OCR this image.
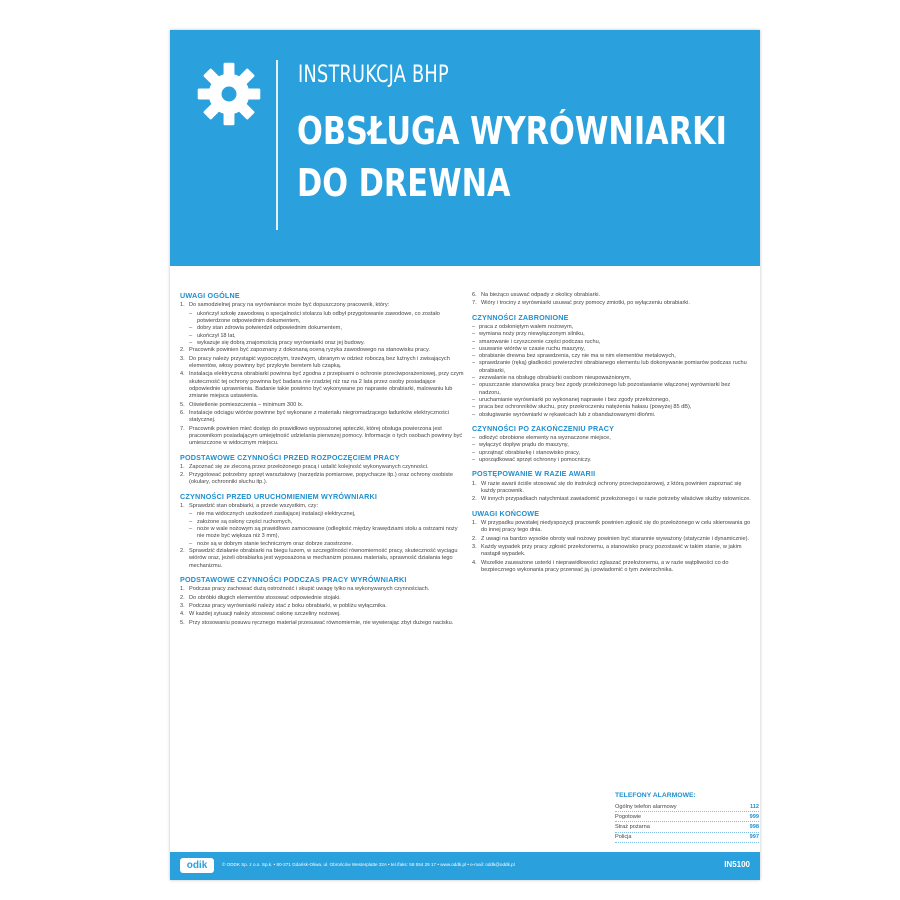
INSTRUKCJA BHP
OBSŁUGA WYRÓWNIARKI
DO DREWNA
UWAGI OGÓLNE
1. Do samodzielnej pracy na wyrówniarce może być dopuszczony pracownik, który:
– ukończył szkołę zawodową o specjalności stolarza lub odbył przygotowanie zawodowe, co zostało potwierdzone odpowiednim dokumentem,
– dobry stan zdrowia potwierdził odpowiednim dokumentem,
– ukończył 18 lat,
– wykazuje się dobrą znajomością pracy wyrówniarki oraz jej budowy.
2. Pracownik powinien być zapoznany z dokonaną oceną ryzyka zawodowego na stanowisku pracy.
3. Do pracy należy przystąpić wypoczętym, trzeźwym, ubranym w odzież roboczą bez luźnych i zwisających elementów, włosy powinny być przykryte beretem lub czapką.
4. Instalacja elektryczna obrabiarki powinna być zgodna z przepisami o ochronie przeciwporażeniowej, przy czym skuteczność tej ochrony powinna być badana nie rzadziej niż raz na 2 lata przez osoby posiadające odpowiednie uprawnienia. Badanie takie powinno być wykonywane po naprawie obrabiarki, malowaniu lub zmianie miejsca ustawienia.
5. Oświetlenie pomieszczenia – minimum 300 lx.
6. Instalacje odciągu wiórów powinne być wykonane z materiału niegromadzącego ładunków elektryczności statycznej.
7. Pracownik powinien mieć dostęp do prawidłowo wyposażonej apteczki, której obsługa powierzona jest pracownikom posiadającym umiejętność udzielania pierwszej pomocy. Informacje o tych osobach powinny być umieszczone w widocznym miejscu.
PODSTAWOWE CZYNNOŚCI PRZED ROZPOCZĘCIEM PRACY
1. Zapoznać się ze zleconą przez przełożonego pracą i ustalić kolejność wykonywanych czynności.
2. Przygotować potrzebny sprzęt warsztatowy (narzędzia pomiarowe, popychacze itp.) oraz ochrony osobiste (okulary, ochronniki słuchu itp.).
CZYNNOŚCI PRZED URUCHOMIENIEM WYRÓWNIARKI
1. Sprawdzić stan obrabiarki, a przede wszystkim, czy:
– nie ma widocznych uszkodzeń zasilającej instalacji elektrycznej,
– założone są osłony części ruchomych,
– noże w wale nożowym są prawidłowo zamocowane (odległość między krawędziami stołu a ostrzami noży nie może być większa niż 3 mm),
– noże są w dobrym stanie technicznym oraz dobrze zaostrzone.
2. Sprawdzić działanie obrabiarki na biegu luzem, w szczególności równomierność pracy, skuteczność wyciągu wiórów oraz, jeżeli obrabiarka jest wyposażona w mechanizm posuwu materiału, sprawność działania tego mechanizmu.
PODSTAWOWE CZYNNOŚCI PODCZAS PRACY WYRÓWNIARKI
1. Podczas pracy zachować dużą ostrożność i skupić uwagę tylko na wykonywanych czynnościach.
2. Do obróbki długich elementów stosować odpowiednie stojaki.
3. Podczas pracy wyrówniarki należy stać z boku obrabiarki, w pobliżu wyłącznika.
4. W każdej sytuacji należy stosować osłonę szczeliny nożowej.
5. Przy stosowaniu posuwu ręcznego materiał przesuwać równomiernie, nie wywierając zbyt dużego nacisku.
6. Na bieżąco usuwać odpady z okolicy obrabiarki.
7. Wióry i trociny z wyrówniarki usuwać przy pomocy zmiotki, po wyłączeniu obrabiarki.
CZYNNOŚCI ZABRONIONE
– praca z odsłoniętym wałem nożowym,
– wymiana noży przy niewyłączonym silniku,
– smarowanie i czyszczenie części podczas ruchu,
– usuwanie wiórów w czasie ruchu maszyny,
– obrabianie drewna bez sprawdzenia, czy nie ma w nim elementów metalowych,
– sprawdzanie (ręką) gładkości powierzchni obrabianego elementu lub dokonywanie pomiarów podczas ruchu obrabiarki,
– zezwalanie na obsługę obrabiarki osobom nieupoważnionym,
– opuszczanie stanowiska pracy bez zgody przełożonego lub pozostawianie włączonej wyrówniarki bez nadzoru,
– uruchamianie wyrówniarki po wykonanej naprawie i bez zgody przełożonego,
– praca bez ochronników słuchu, przy przekroczeniu natężenia hałasu (powyżej 85 dB),
– obsługiwanie wyrówniarki w rękawicach lub z obandażowanymi dłońmi.
CZYNNOŚCI PO ZAKOŃCZENIU PRACY
– odłożyć obrobione elementy na wyznaczone miejsce,
– wyłączyć dopływ prądu do maszyny,
– uprzątnąć obrabiarkę i stanowisko pracy,
– uporządkować sprzęt ochronny i pomocniczy.
POSTĘPOWANIE W RAZIE AWARII
1. W razie awarii ściśle stosować się do instrukcji ochrony przeciwpożarowej, z którą powinien zapoznać się każdy pracownik.
2. W innych przypadkach natychmiast zawiadomić przełożonego i w razie potrzeby właściwe służby ratownicze.
UWAGI KOŃCOWE
1. W przypadku powstałej niedyspozycji pracownik powinien zgłosić się do przełożonego w celu skierowania go do innej pracy tego dnia.
2. Z uwagi na bardzo wysokie obroty wał nożowy powinien być starannie wyważony (statycznie i dynamicznie).
3. Każdy wypadek przy pracy zgłosić przełożonemu, a stanowisko pracy pozostawić w takim stanie, w jakim nastąpił wypadek.
4. Wszelkie zauważone usterki i nieprawidłowości zgłaszać przełożonemu, a w razie wątpliwości co do bezpiecznego wykonania pracy przerwać ją i powiadomić o tym zwierzchnika.
TELEFONY ALARMOWE:
Ogólny telefon alarmowy	112
Pogotowie	999
Straż pożarna	998
Policja	997
odik	© ODDK Sp. z o.o. Sp.k. • 80-371 Gdańsk-Oliwa, ul. Obrońców Westerplatte 32A • tel./faks: 58 554 29 17 • www.oddk.pl • e-mail: oddk@oddk.pl	IN5100
